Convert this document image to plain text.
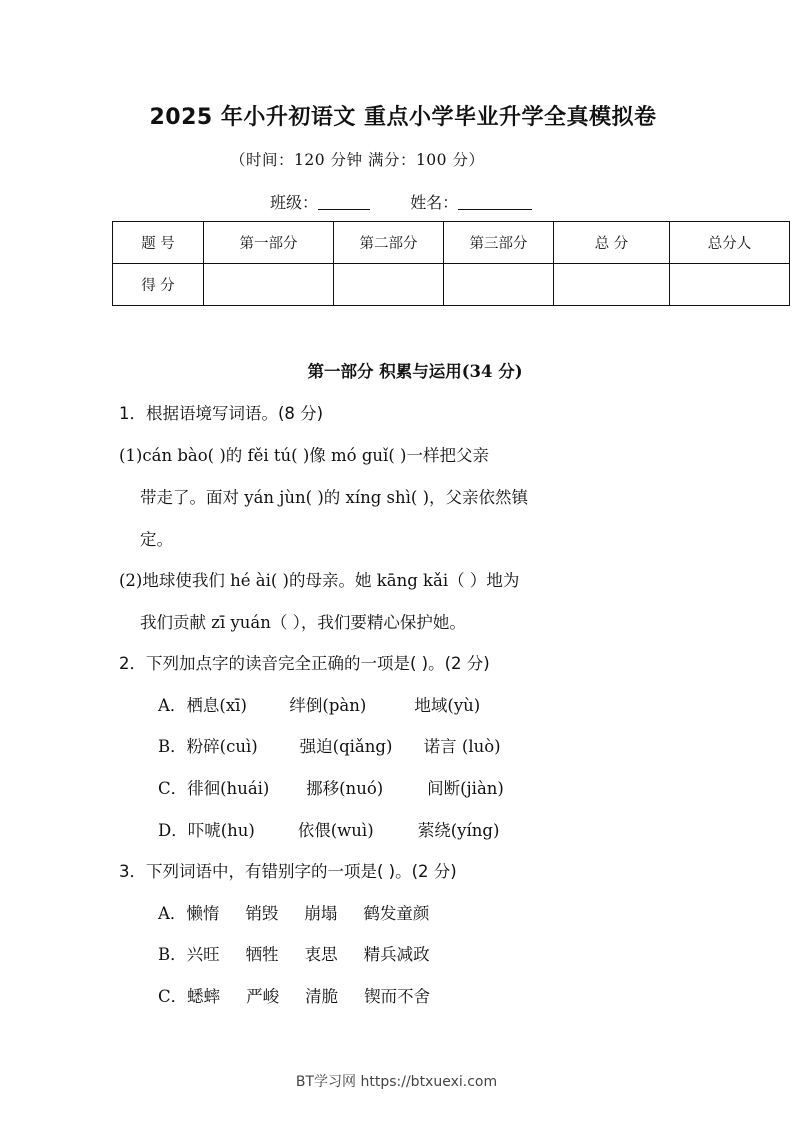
2025 年小升初语文 重点小学毕业升学全真模拟卷
（时间：120 分钟 满分：100 分）
班级：	姓名：
题 号	第一部分	第二部分	第三部分	总 分	总分人
得 分					
第一部分 积累与运用(34 分)
1．根据语境写词语。(8 分)
(1)cán bào( )的 fěi tú( )像 mó guǐ( )一样把父亲
带走了。面对 yán jùn( )的 xíng shì( )，父亲依然镇
定。
(2)地球使我们 hé ài( )的母亲。她 kāng kǎi（ ）地为
我们贡献 zī yuán（ ），我们要精心保护她。
2．下列加点字的读音完全正确的一项是( )。(2 分)
A．栖息(xī)	绊倒(pàn)	地域(yù)
B．粉碎(cuì)	强迫(qiǎng) 诺言 (luò)
C．徘徊(huái) 挪移(nuó)	间断(jiàn)
D．吓唬(hu)	依偎(wuì)	萦绕(yíng)
3．下列词语中，有错别字的一项是( )。(2 分)
A．懒惰 销毁 崩塌 鹤发童颜
B．兴旺 牺牲 衷思 精兵减政
C．蟋蟀 严峻 清脆 锲而不舍
BT学习网 https://btxuexi.com
